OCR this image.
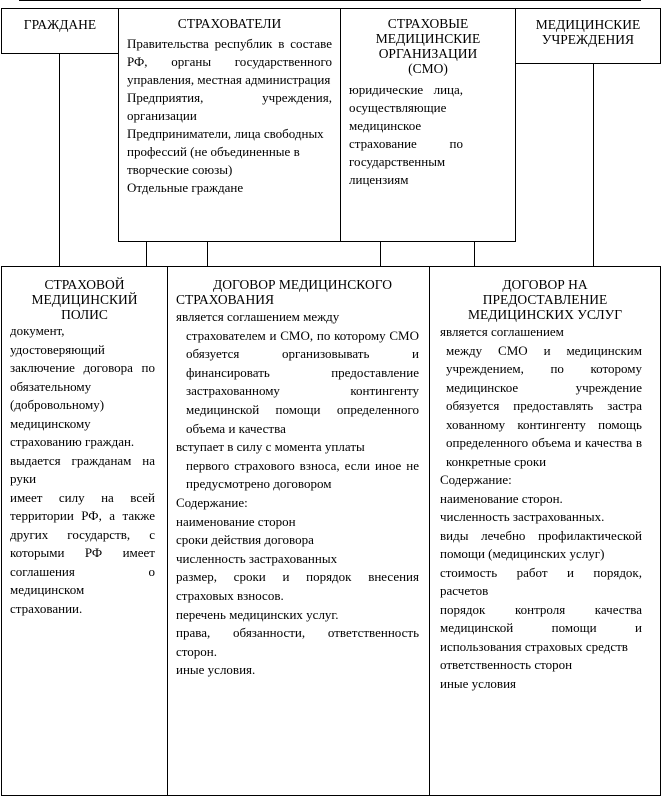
ГРАЖДАНЕ	СТРАХОВАТЕЛИ

Правительства республик в составе РФ, органы государственного управления, местная администрация

Предприятия, учреждения, организации

Предприниматели, лица свободных профессий (не объединенные в творческие союзы)

Отдельные граждане

СТРАХОВЫЕ
МЕДИЦИНСКИЕ
ОРГАНИЗАЦИИ
(СМО)
юридические лица, осуществляющие медицинское страхование по государственным лицензиям
МЕДИЦИНСКИЕ
УЧРЕЖДЕНИЯ
СТРАХОВОЙ
МЕДИЦИНСКИЙ
ПОЛИС

документ, удостоверяющий заключение договора по обязательному (добровольному) медицинскому страхованию граждан.

выдается гражданам на руки

имеет силу на всей территории РФ, а также других государств, с которыми РФ имеет соглашения о медицинском страховании.

ДОГОВОР МЕДИЦИНСКОГО
СТРАХОВАНИЯ

является соглашением между

страхователем и СМО, по которому СМО обязуется организовывать и финансировать предоставление застрахованному контингенту медицинской помощи определенного объема и качества

вступает в силу с момента уплаты

первого страхового взноса, если иное не предусмотрено договором

Содержание:

наименование сторон

сроки действия договора

численность застрахованных

размер, сроки и порядок внесения страховых взносов.

перечень медицинских услуг.

права, обязанности, ответственность сторон.

иные условия.

ДОГОВОР НА
ПРЕДОСТАВЛЕНИЕ
МЕДИЦИНСКИХ УСЛУГ

является соглашением

между СМО и медицинским учреждением, по которому медицинское учреждение обязуется предоставлять застра хованному контингенту помощь определенного объема и качества в конкретные сроки

Содержание:

наименование сторон.

численность застрахованных.

виды лечебно профилактической помощи (медицинских услуг)

стоимость работ и порядок, расчетов

порядок контроля качества медицинской помощи и использования страховых средств

ответственность сторон

иные условия
